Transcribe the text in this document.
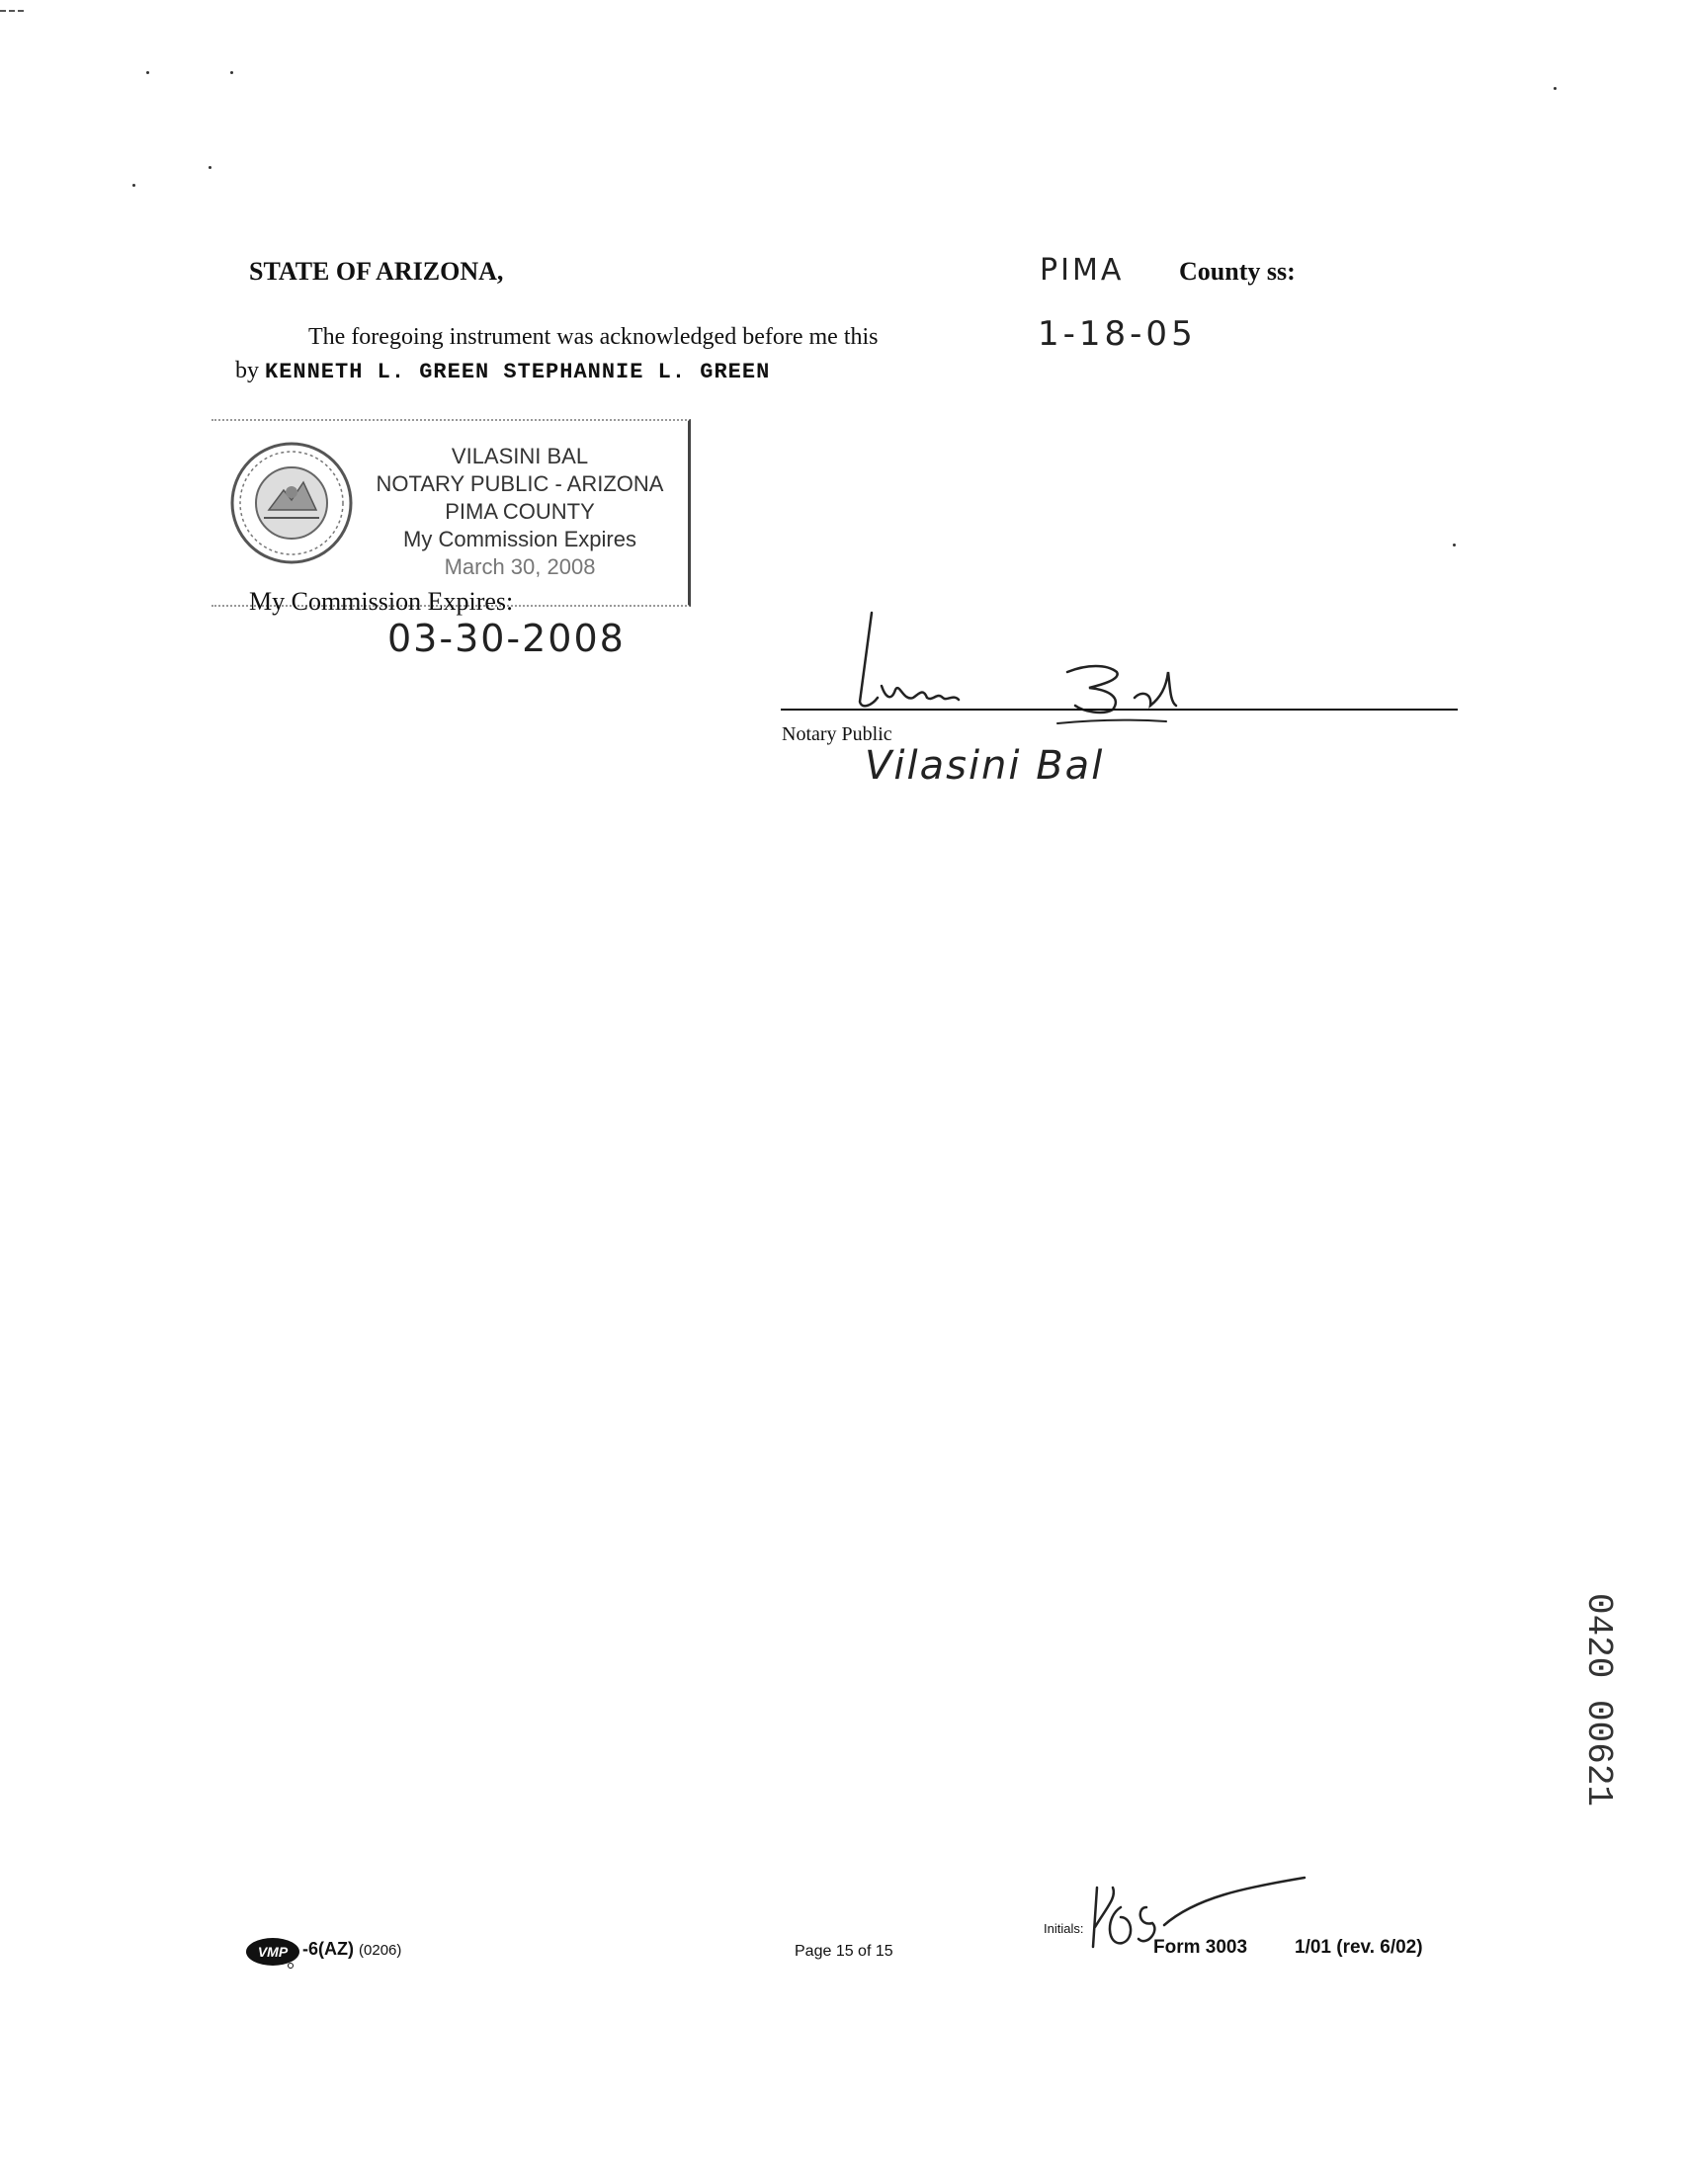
STATE OF ARIZONA,	PIMA County ss:
The foregoing instrument was acknowledged before me this	1-18-05
by KENNETH L. GREEN STEPHANNIE L. GREEN
VILASINI BAL
NOTARY PUBLIC - ARIZONA
PIMA COUNTY
My Commission Expires
March 30, 2008
My Commission Expires:
03-30-2008
Notary Public
Vilasini Bal
0420 00621
VMP -6(AZ) (0206)	Page 15 of 15
Initials:
Form 3003	1/01 (rev. 6/02)
